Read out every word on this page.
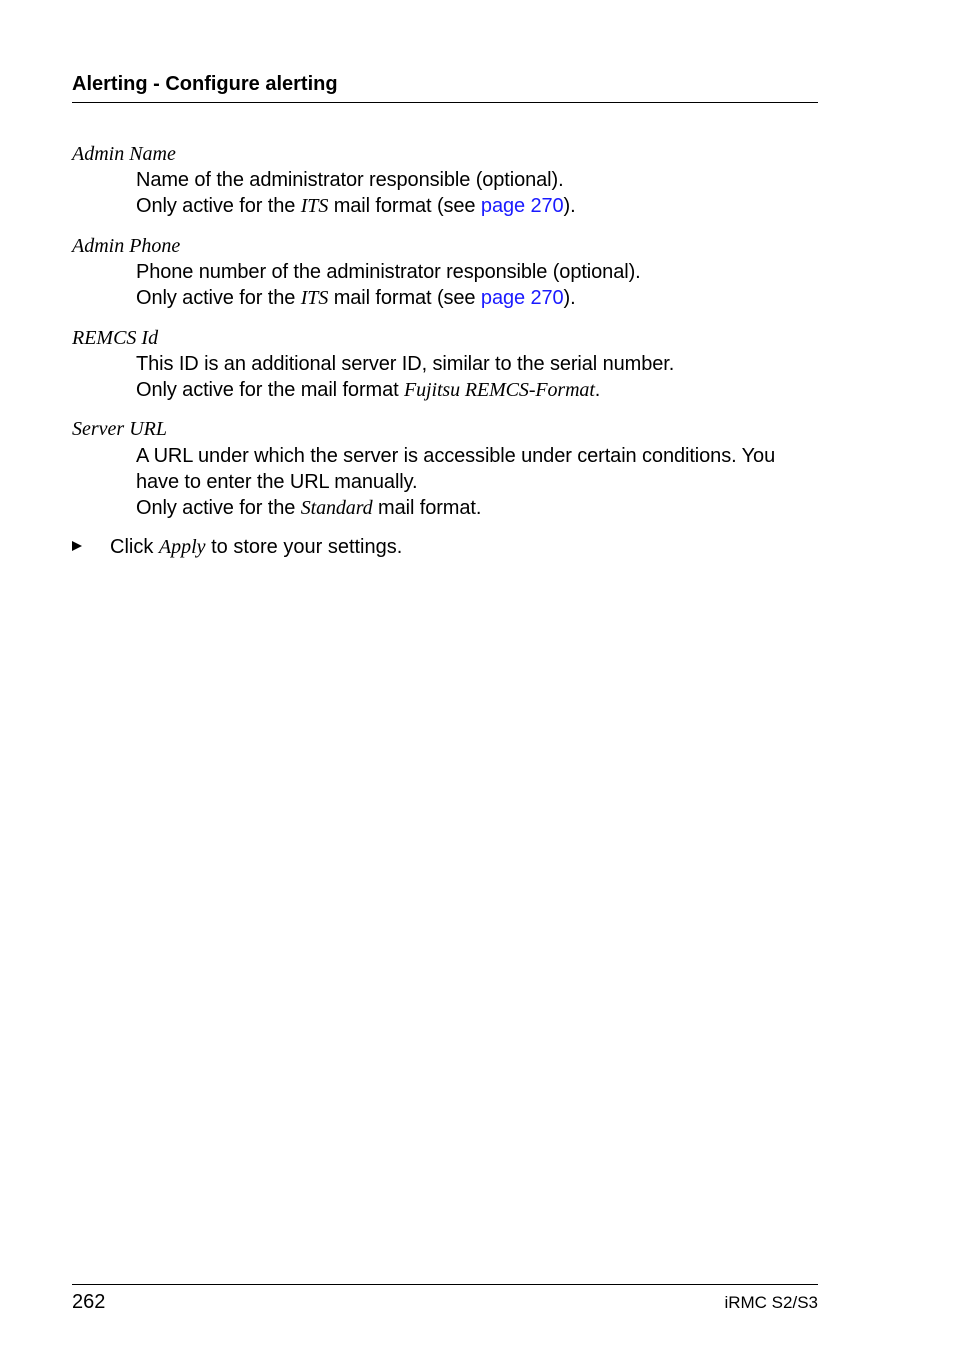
Alerting - Configure alerting
Admin Name
Name of the administrator responsible (optional).
Only active for the ITS mail format (see page 270).
Admin Phone
Phone number of the administrator responsible (optional).
Only active for the ITS mail format (see page 270).
REMCS Id
This ID is an additional server ID, similar to the serial number.
Only active for the mail format Fujitsu REMCS-Format.
Server URL
A URL under which the server is accessible under certain conditions. You
have to enter the URL manually.
Only active for the Standard mail format.
Click Apply to store your settings.
262	iRMC S2/S3
